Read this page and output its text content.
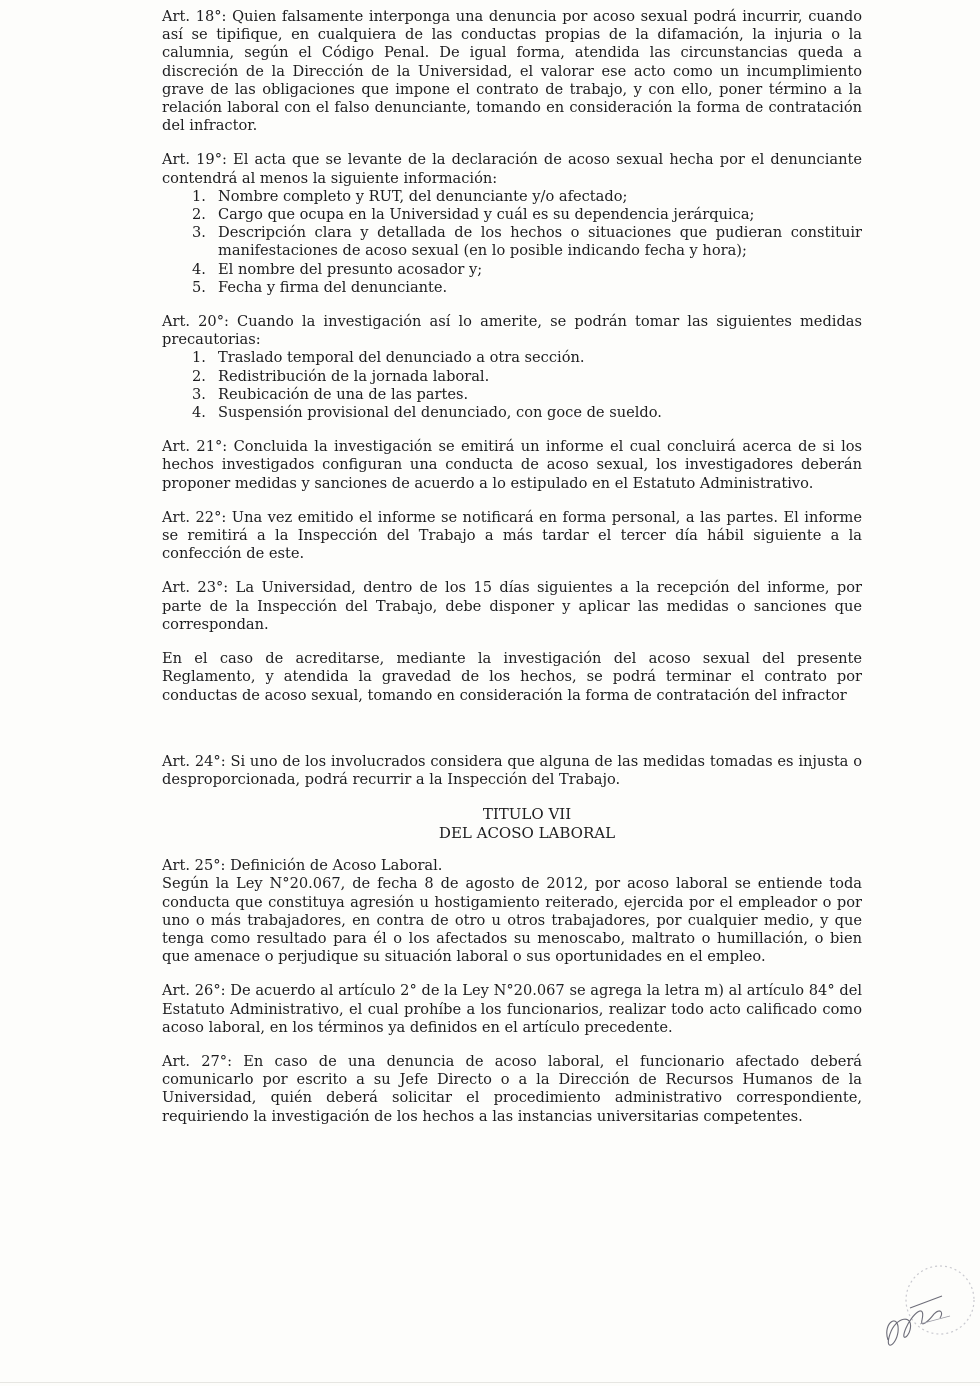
Art. 18°: Quien falsamente interponga una denuncia por acoso sexual podrá incurrir, cuando así se tipifique, en cualquiera de las conductas propias de la difamación, la injuria o la calumnia, según el Código Penal. De igual forma, atendida las circunstancias queda a discreción de la Dirección de la Universidad, el valorar ese acto como un incumplimiento grave de las obligaciones que impone el contrato de trabajo, y con ello, poner término a la relación laboral con el falso denunciante, tomando en consideración la forma de contratación del infractor.

Art. 19°: El acta que se levante de la declaración de acoso sexual hecha por el denunciante contendrá al menos la siguiente información:

1. Nombre completo y RUT, del denunciante y/o afectado;
2. Cargo que ocupa en la Universidad y cuál es su dependencia jerárquica;
3. Descripción clara y detallada de los hechos o situaciones que pudieran constituir manifestaciones de acoso sexual (en lo posible indicando fecha y hora);
4. El nombre del presunto acosador y;
5. Fecha y firma del denunciante.

Art. 20°: Cuando la investigación así lo amerite, se podrán tomar las siguientes medidas precautorias:

1. Traslado temporal del denunciado a otra sección.
2. Redistribución de la jornada laboral.
3. Reubicación de una de las partes.
4. Suspensión provisional del denunciado, con goce de sueldo.

Art. 21°: Concluida la investigación se emitirá un informe el cual concluirá acerca de si los hechos investigados configuran una conducta de acoso sexual, los investigadores deberán proponer medidas y sanciones de acuerdo a lo estipulado en el Estatuto Administrativo.

Art. 22°: Una vez emitido el informe se notificará en forma personal, a las partes. El informe se remitirá a la Inspección del Trabajo a más tardar el tercer día hábil siguiente a la confección de este.

Art. 23°: La Universidad, dentro de los 15 días siguientes a la recepción del informe, por parte de la Inspección del Trabajo, debe disponer y aplicar las medidas o sanciones que correspondan.

En el caso de acreditarse, mediante la investigación del acoso sexual del presente Reglamento, y atendida la gravedad de los hechos, se podrá terminar el contrato por conductas de acoso sexual, tomando en consideración la forma de contratación del infractor

Art. 24°: Si uno de los involucrados considera que alguna de las medidas tomadas es injusta o desproporcionada, podrá recurrir a la Inspección del Trabajo.

TITULO VII
DEL ACOSO LABORAL

Art. 25°: Definición de Acoso Laboral.

Según la Ley N°20.067, de fecha 8 de agosto de 2012, por acoso laboral se entiende toda conducta que constituya agresión u hostigamiento reiterado, ejercida por el empleador o por uno o más trabajadores, en contra de otro u otros trabajadores, por cualquier medio, y que tenga como resultado para él o los afectados su menoscabo, maltrato o humillación, o bien que amenace o perjudique su situación laboral o sus oportunidades en el empleo.

Art. 26°: De acuerdo al artículo 2° de la Ley N°20.067 se agrega la letra m) al artículo 84° del Estatuto Administrativo, el cual prohíbe a los funcionarios, realizar todo acto calificado como acoso laboral, en los términos ya definidos en el artículo precedente.

Art. 27°: En caso de una denuncia de acoso laboral, el funcionario afectado deberá comunicarlo por escrito a su Jefe Directo o a la Dirección de Recursos Humanos de la Universidad, quién deberá solicitar el procedimiento administrativo correspondiente, requiriendo la investigación de los hechos a las instancias universitarias competentes.
